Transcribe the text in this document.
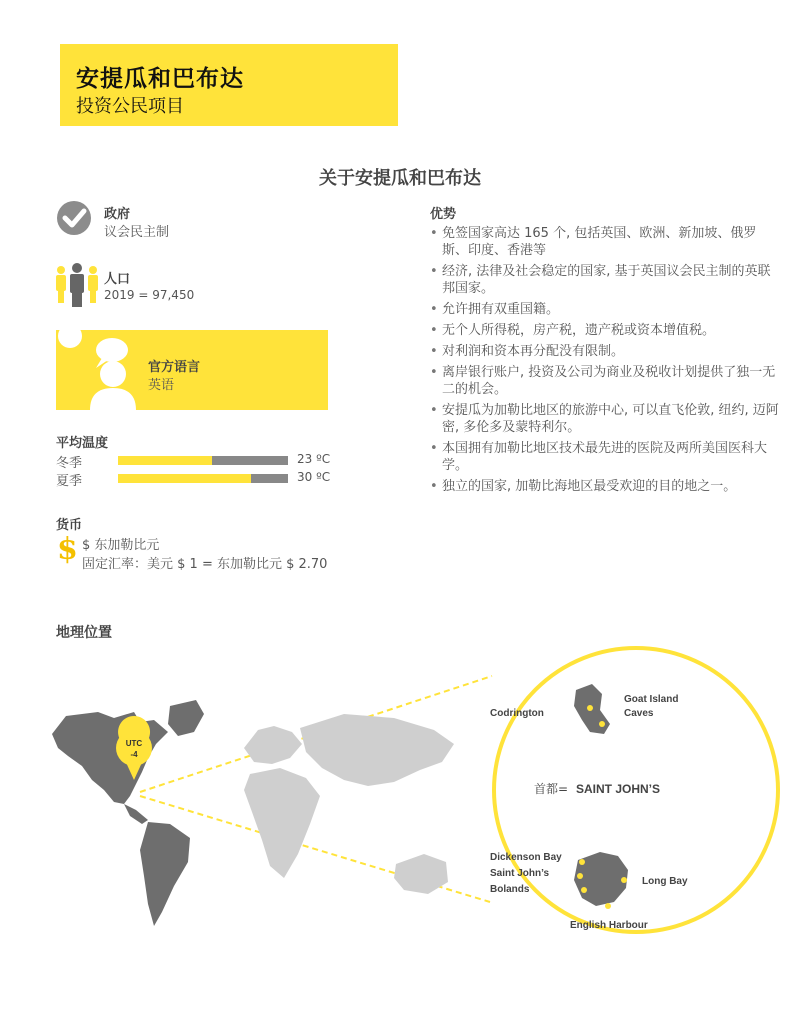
安提瓜和巴布达
投资公民项目
关于安提瓜和巴布达
政府
议会民主制
人口
2019 = 97,450
官方语言
英语
平均温度
冬季	23 ºC
夏季	30 ºC
货币
$ $ 东加勒比元
固定汇率：美元 $ 1 = 东加勒比元 $ 2.70
优势
• 免签国家高达 165 个, 包括英国、欧洲、新加坡、俄罗斯、印度、香港等
• 经济, 法律及社会稳定的国家, 基于英国议会民主制的英联邦国家。
• 允许拥有双重国籍。
• 无个人所得税，房产税，遗产税或资本增值税。
• 对利润和资本再分配没有限制。
• 离岸银行账户, 投资及公司为商业及税收计划提供了独一无二的机会。
• 安提瓜为加勒比地区的旅游中心, 可以直飞伦敦, 纽约, 迈阿密, 多伦多及蒙特利尔。
• 本国拥有加勒比地区技术最先进的医院及两所美国医科大学。
• 独立的国家, 加勒比海地区最受欢迎的目的地之一。
地理位置
UTC
-4
Codrington
Goat Island
Caves
首都= SAINT JOHN’S
Dickenson Bay
Saint John’s
Bolands
Long Bay
English Harbour
